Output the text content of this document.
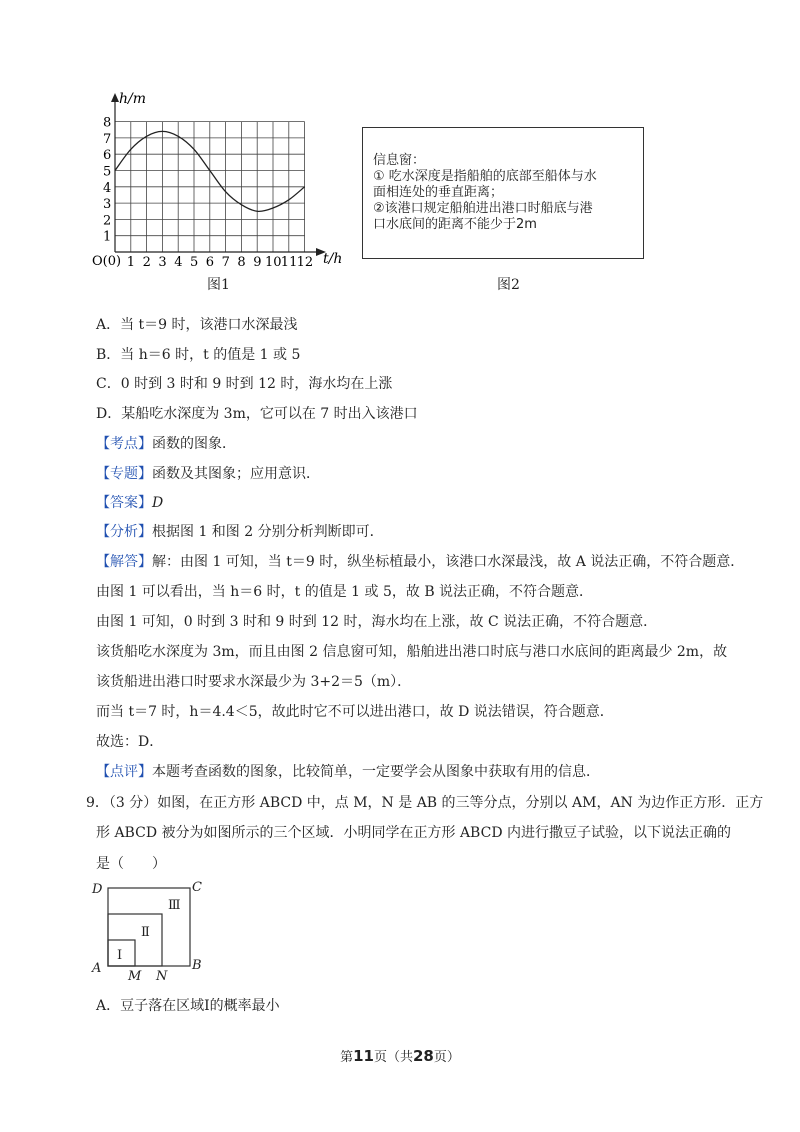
1
2
3
4
5
6
7
8
1 2 3 4 5 6 7 8 9 10 11 12
h/m
t/h
O(0)
图1
信息窗：
① 吃水深度是指船舶的底部至船体与水
面相连处的垂直距离；
②该港口规定船舶进出港口时船底与港
口水底间的距离不能少于2m
图2
A．当 t＝9 时，该港口水深最浅
B．当 h＝6 时，t 的值是 1 或 5
C．0 时到 3 时和 9 时到 12 时，海水均在上涨
D．某船吃水深度为 3m，它可以在 7 时出入该港口
【考点】函数的图象．
【专题】函数及其图象；应用意识．
【答案】D
【分析】根据图 1 和图 2 分别分析判断即可．
【解答】解：由图 1 可知，当 t＝9 时，纵坐标植最小，该港口水深最浅，故 A 说法正确，不符合题意．
由图 1 可以看出，当 h＝6 时，t 的值是 1 或 5，故 B 说法正确，不符合题意．
由图 1 可知，0 时到 3 时和 9 时到 12 时，海水均在上涨，故 C 说法正确，不符合题意．
该货船吃水深度为 3m，而且由图 2 信息窗可知，船舶进出港口时底与港口水底间的距离最少 2m，故
该货船进出港口时要求水深最少为 3+2＝5（m）．
而当 t＝7 时，h＝4.4＜5，故此时它不可以进出港口，故 D 说法错误，符合题意．
故选：D．
【点评】本题考查函数的图象，比较简单，一定要学会从图象中获取有用的信息．
9．（3 分）如图，在正方形 ABCD 中，点 M，N 是 AB 的三等分点，分别以 AM，AN 为边作正方形．正方
形 ABCD 被分为如图所示的三个区域．小明同学在正方形 ABCD 内进行撒豆子试验，以下说法正确的
是（　　）
D	C
A	B
M N
Ⅰ
Ⅱ
Ⅲ
A．豆子落在区域Ⅰ的概率最小
第11页（共28页）
